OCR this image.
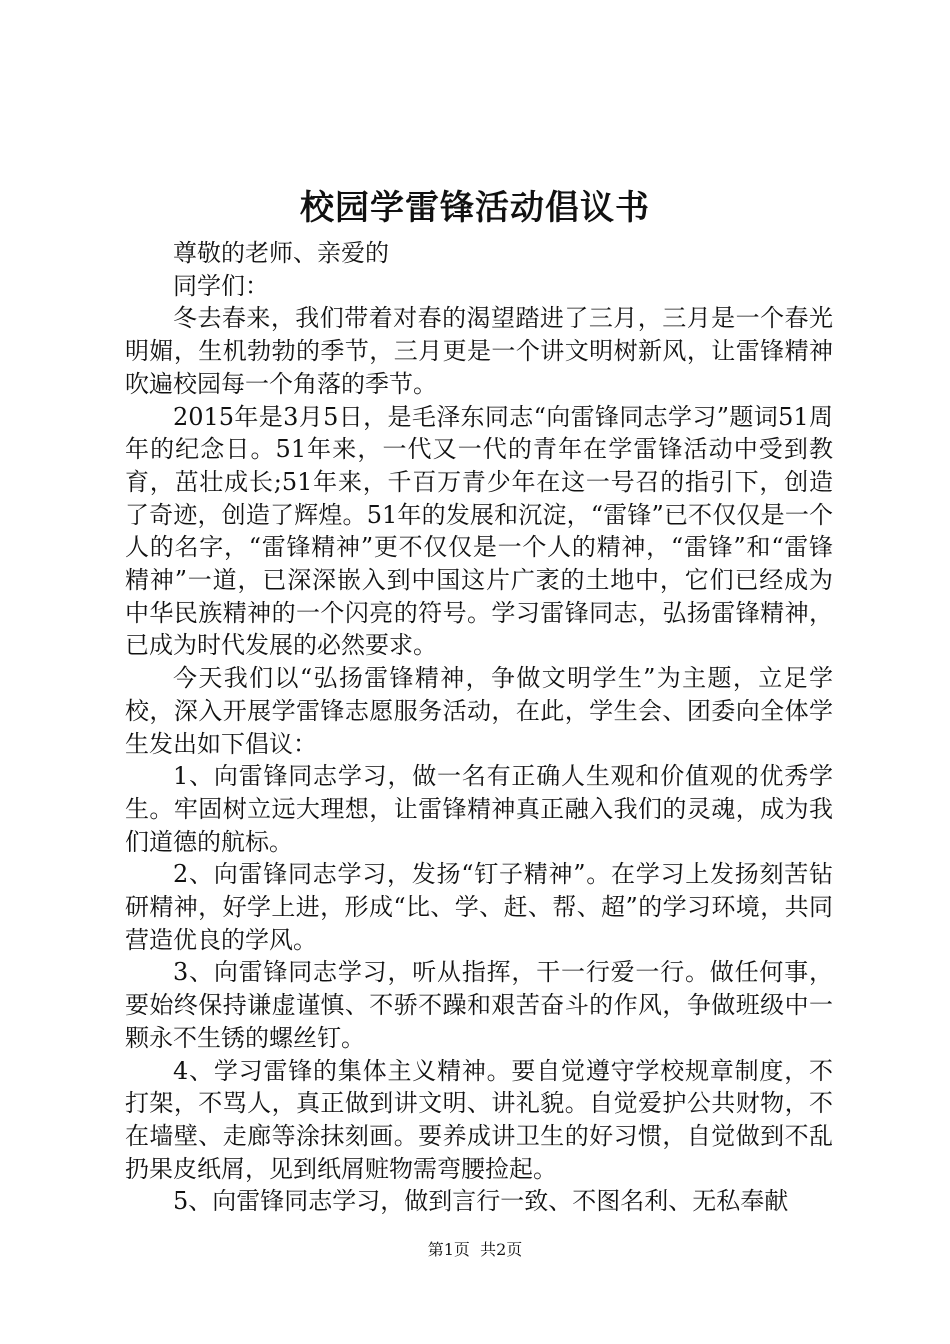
校园学雷锋活动倡议书

尊敬的老师、亲爱的

同学们：

冬去春来，我们带着对春的渴望踏进了三月，三月是一个春光明媚，生机勃勃的季节，三月更是一个讲文明树新风，让雷锋精神吹遍校园每一个角落的季节。

2015年是3月5日，是毛泽东同志“向雷锋同志学习”题词51周年的纪念日。51年来，一代又一代的青年在学雷锋活动中受到教育，茁壮成长;51年来，千百万青少年在这一号召的指引下，创造了奇迹，创造了辉煌。51年的发展和沉淀，“雷锋”已不仅仅是一个人的名字，“雷锋精神”更不仅仅是一个人的精神，“雷锋”和“雷锋精神”一道，已深深嵌入到中国这片广袤的土地中，它们已经成为中华民族精神的一个闪亮的符号。学习雷锋同志，弘扬雷锋精神，已成为时代发展的必然要求。

今天我们以“弘扬雷锋精神，争做文明学生”为主题，立足学校，深入开展学雷锋志愿服务活动，在此，学生会、团委向全体学生发出如下倡议：

1、向雷锋同志学习，做一名有正确人生观和价值观的优秀学生。牢固树立远大理想，让雷锋精神真正融入我们的灵魂，成为我们道德的航标。

2、向雷锋同志学习，发扬“钉子精神”。在学习上发扬刻苦钻研精神，好学上进，形成“比、学、赶、帮、超”的学习环境，共同营造优良的学风。

3、向雷锋同志学习，听从指挥，干一行爱一行。做任何事，要始终保持谦虚谨慎、不骄不躁和艰苦奋斗的作风，争做班级中一颗永不生锈的螺丝钉。

4、学习雷锋的集体主义精神。要自觉遵守学校规章制度，不打架，不骂人，真正做到讲文明、讲礼貌。自觉爱护公共财物，不在墙壁、走廊等涂抹刻画。要养成讲卫生的好习惯，自觉做到不乱扔果皮纸屑，见到纸屑赃物需弯腰捡起。

5、向雷锋同志学习，做到言行一致、不图名利、无私奉献

第1页 共2页
